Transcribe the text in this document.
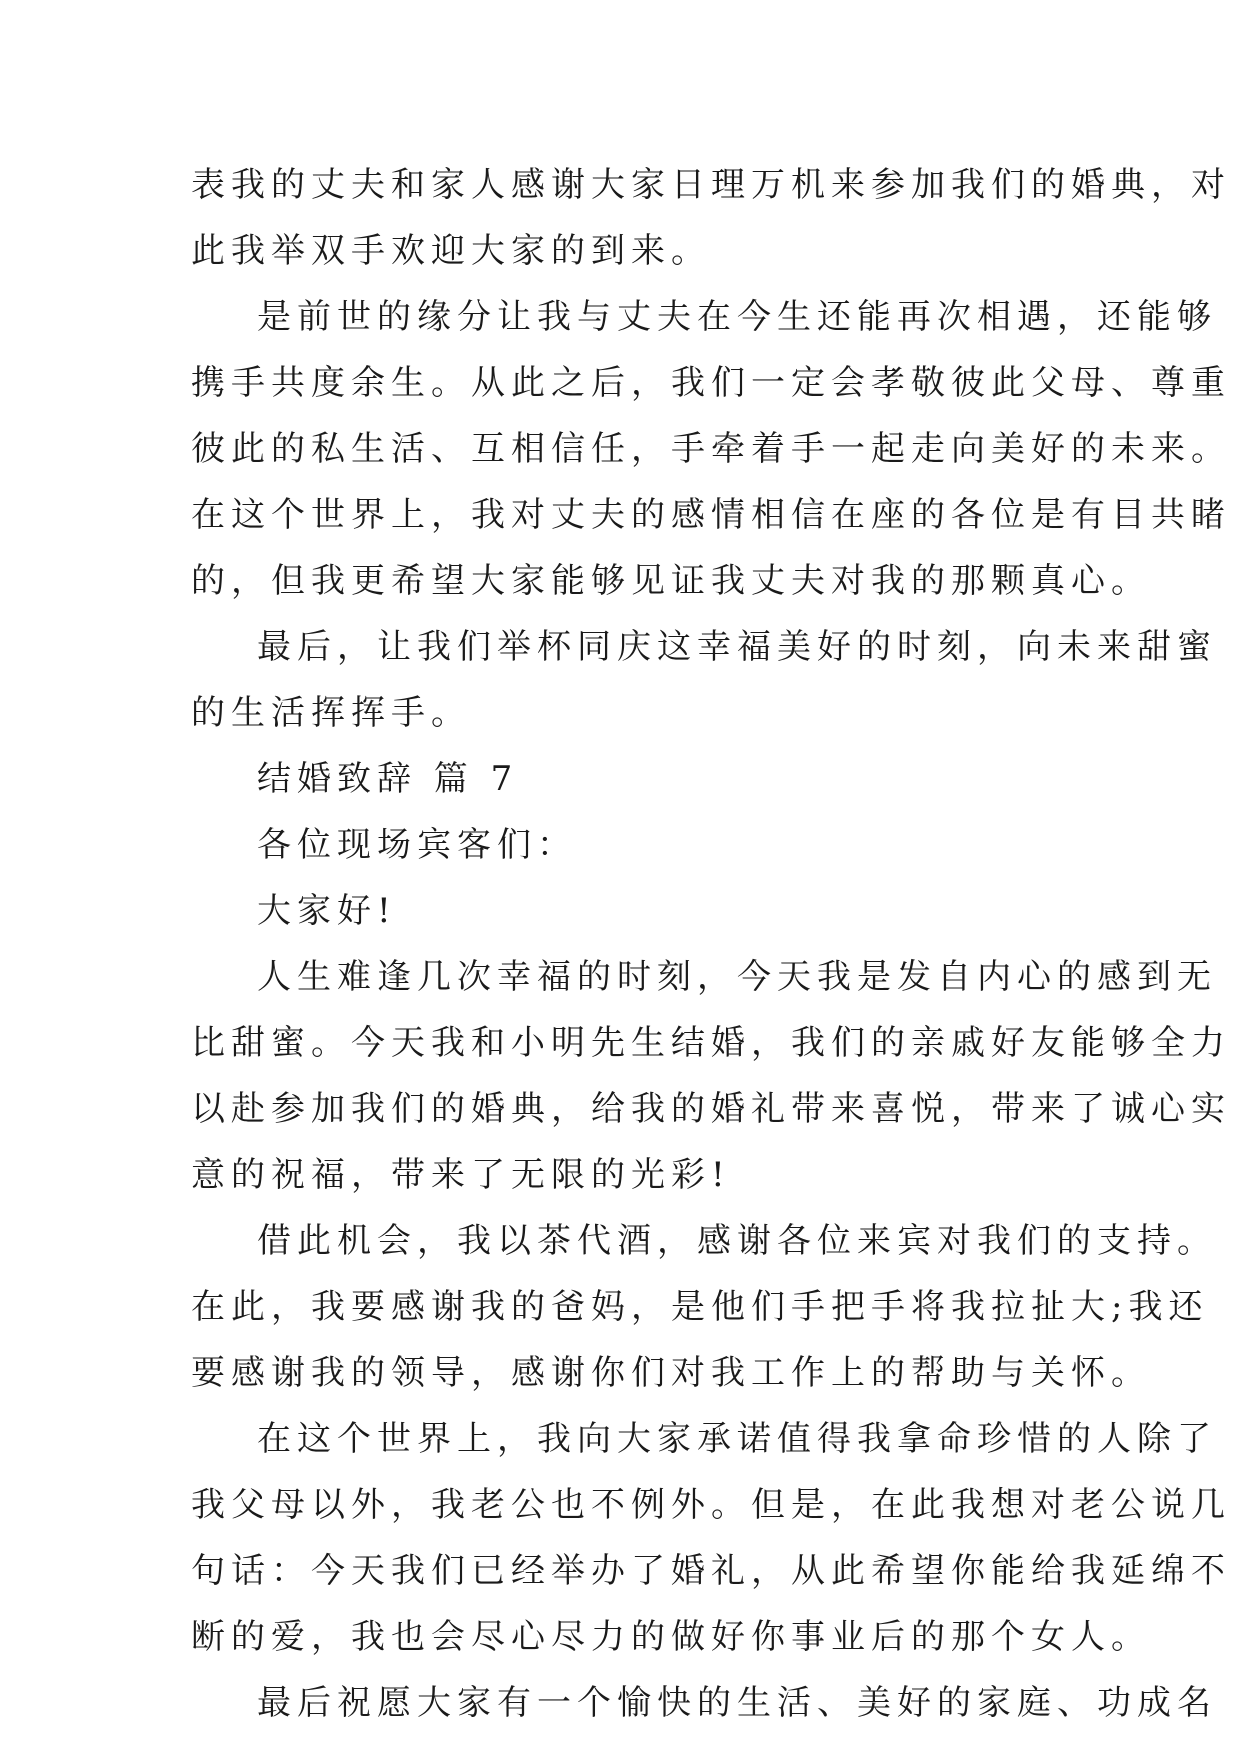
表我的丈夫和家人感谢大家日理万机来参加我们的婚典，对
此我举双手欢迎大家的到来。
是前世的缘分让我与丈夫在今生还能再次相遇，还能够
携手共度余生。从此之后，我们一定会孝敬彼此父母、尊重
彼此的私生活、互相信任，手牵着手一起走向美好的未来。
在这个世界上，我对丈夫的感情相信在座的各位是有目共睹
的，但我更希望大家能够见证我丈夫对我的那颗真心。
最后，让我们举杯同庆这幸福美好的时刻，向未来甜蜜
的生活挥挥手。
结婚致辞 篇 7
各位现场宾客们：
大家好!
人生难逢几次幸福的时刻，今天我是发自内心的感到无
比甜蜜。今天我和小明先生结婚，我们的亲戚好友能够全力
以赴参加我们的婚典，给我的婚礼带来喜悦，带来了诚心实
意的祝福，带来了无限的光彩!
借此机会，我以茶代酒，感谢各位来宾对我们的支持。
在此，我要感谢我的爸妈，是他们手把手将我拉扯大;我还
要感谢我的领导，感谢你们对我工作上的帮助与关怀。
在这个世界上，我向大家承诺值得我拿命珍惜的人除了
我父母以外，我老公也不例外。但是，在此我想对老公说几
句话：今天我们已经举办了婚礼，从此希望你能给我延绵不
断的爱，我也会尽心尽力的做好你事业后的那个女人。
最后祝愿大家有一个愉快的生活、美好的家庭、功成名
